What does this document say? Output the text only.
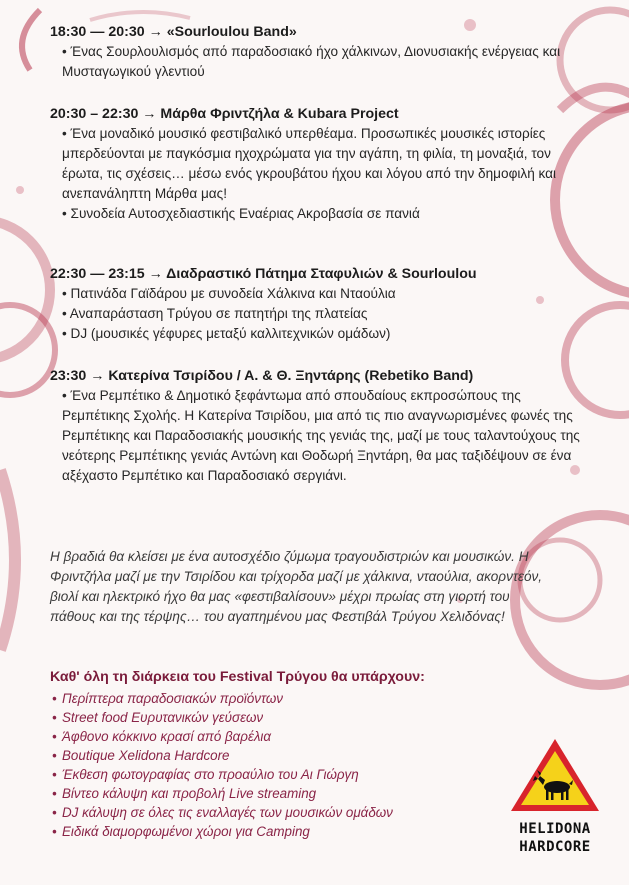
18:30 — 20:30 → «Sourloulou Band»
• Ένας Σουρλουλισμός από παραδοσιακό ήχο χάλκινων, Διονυσιακής ενέργειας και Μυσταγωγικού γλεντιού
20:30 – 22:30 → Μάρθα Φριντζήλα & Kubara Project
• Ένα μοναδικό μουσικό φεστιβαλικό υπερθέαμα. Προσωπικές μουσικές ιστορίες μπερδεύονται με παγκόσμια ηχοχρώματα για την αγάπη, τη φιλία, τη μοναξιά, τον έρωτα, τις σχέσεις… μέσω ενός γκρουβάτου ήχου και λόγου από την δημοφιλή και ανεπανάληπτη Μάρθα μας!
• Συνοδεία Αυτοσχεδιαστικής Εναέριας Ακροβασία σε πανιά
22:30 — 23:15 → Διαδραστικό Πάτημα Σταφυλιών & Sourloulou
• Πατινάδα Γαϊδάρου με συνοδεία Χάλκινα και Νταούλια
• Αναπαράσταση Τρύγου σε πατητήρι της πλατείας
• DJ (μουσικές γέφυρες μεταξύ καλλιτεχνικών ομάδων)
23:30 → Κατερίνα Τσιρίδου / Α. & Θ. Ξηντάρης (Rebetiko Band)
• Ένα Ρεμπέτικο & Δημοτικό ξεφάντωμα από σπουδαίους εκπροσώπους της Ρεμπέτικης Σχολής. Η Κατερίνα Τσιρίδου, μια από τις πιο αναγνωρισμένες φωνές της Ρεμπέτικης και Παραδοσιακής μουσικής της γενιάς της, μαζί με τους ταλαντούχους της νεότερης Ρεμπέτικης γενιάς Αντώνη και Θοδωρή Ξηντάρη, θα μας ταξιδέψουν σε ένα αξέχαστο Ρεμπέτικο και Παραδοσιακό σεργιάνι.
Η βραδιά θα κλείσει με ένα αυτοσχέδιο ζύμωμα τραγουδιστριών και μουσικών. Η Φριντζήλα μαζί με την Τσιρίδου και τρίχορδα μαζί με χάλκινα, νταούλια, ακορντεόν, βιολί και ηλεκτρικό ήχο θα μας «φεστιβαλίσουν» μέχρι πρωίας στη γιορτή του πάθους και της τέρψης… του αγαπημένου μας Φεστιβάλ Τρύγου Χελιδόνας!
Καθ' όλη τη διάρκεια του Festival Τρύγου θα υπάρχουν:
• Περίπτερα παραδοσιακών προϊόντων
• Street food Ευρυτανικών γεύσεων
• Άφθονο κόκκινο κρασί από βαρέλια
• Boutique Xelidona Hardcore
• Έκθεση φωτογραφίας στο προαύλιο του Αι Γιώργη
• Βίντεο κάλυψη και προβολή Live streaming
• DJ κάλυψη σε όλες τις εναλλαγές των μουσικών ομάδων
• Ειδικά διαμορφωμένοι χώροι για Camping	HELIDONA
HARDCORE
